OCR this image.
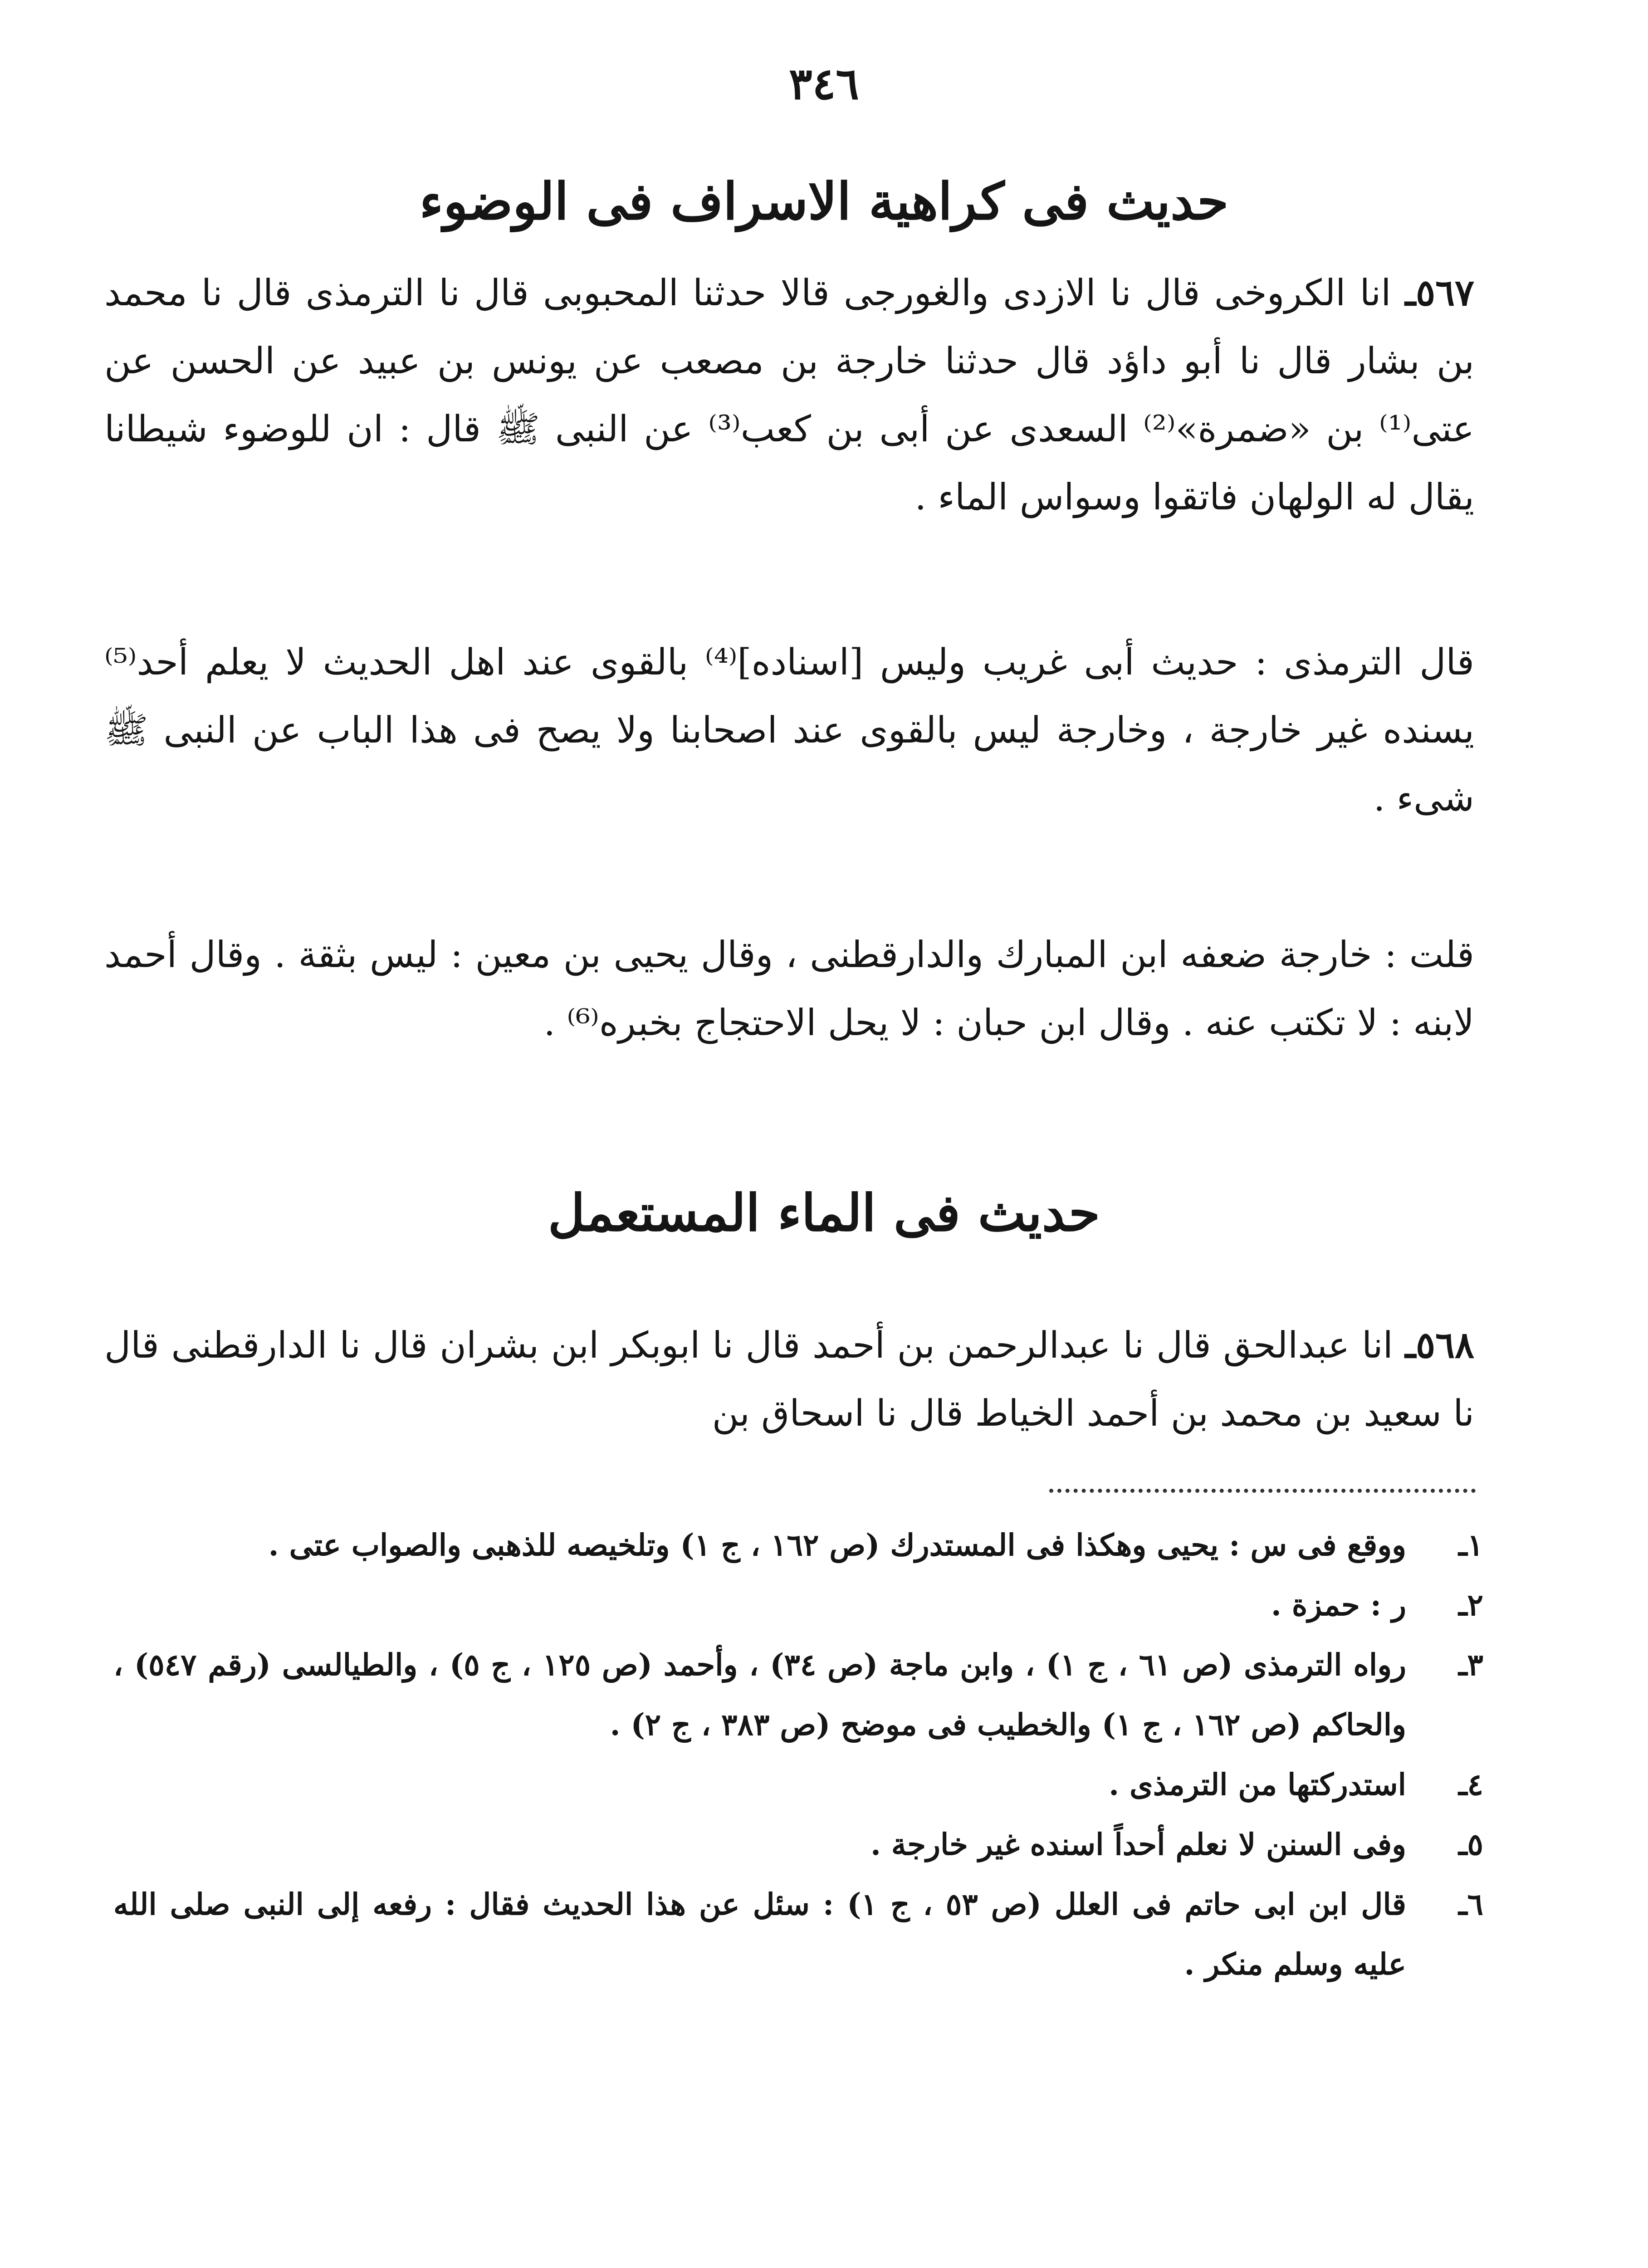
٣٤٦
حديث فى كراهية الاسراف فى الوضوء
٥٦٧ـ انا الكروخى قال نا الازدى والغورجى قالا حدثنا المحبوبى قال نا الترمذى قال نا محمد بن بشار قال نا أبو داؤد قال حدثنا خارجة بن مصعب عن يونس بن عبيد عن الحسن عن عتى⁽¹⁾ بن «ضمرة»⁽²⁾ السعدى عن أبى بن كعب⁽³⁾ عن النبى ﷺ قال : ان للوضوء شيطانا يقال له الولهان فاتقوا وسواس الماء .
قال الترمذى : حديث أبى غريب وليس [اسناده]⁽⁴⁾ بالقوى عند اهل الحديث لا يعلم أحد⁽⁵⁾ يسنده غير خارجة ، وخارجة ليس بالقوى عند اصحابنا ولا يصح فى هذا الباب عن النبى ﷺ شىء .
قلت : خارجة ضعفه ابن المبارك والدارقطنى ، وقال يحيى بن معين : ليس بثقة . وقال أحمد لابنه : لا تكتب عنه . وقال ابن حبان : لا يحل الاحتجاج بخبره⁽⁶⁾ .
حديث فى الماء المستعمل
٥٦٨ـ انا عبدالحق قال نا عبدالرحمن بن أحمد قال نا ابوبكر ابن بشران قال نا الدارقطنى قال نا سعيد بن محمد بن أحمد الخياط قال نا اسحاق بن
١ـ
ووقع فى س : يحيى وهكذا فى المستدرك (ص ١٦٢ ، ج ١) وتلخيصه للذهبى والصواب عتى .
٢ـ
ر : حمزة .
٣ـ
رواه الترمذى (ص ٦١ ، ج ١) ، وابن ماجة (ص ٣٤) ، وأحمد (ص ١٢٥ ، ج ٥) ، والطيالسى (رقم ٥٤٧) ، والحاكم (ص ١٦٢ ، ج ١) والخطيب فى موضح (ص ٣٨٣ ، ج ٢) .
٤ـ
استدركتها من الترمذى .
٥ـ
وفى السنن لا نعلم أحداً اسنده غير خارجة .
٦ـ
قال ابن ابى حاتم فى العلل (ص ٥٣ ، ج ١) : سئل عن هذا الحديث فقال : رفعه إلى النبى صلى الله عليه وسلم منكر .
